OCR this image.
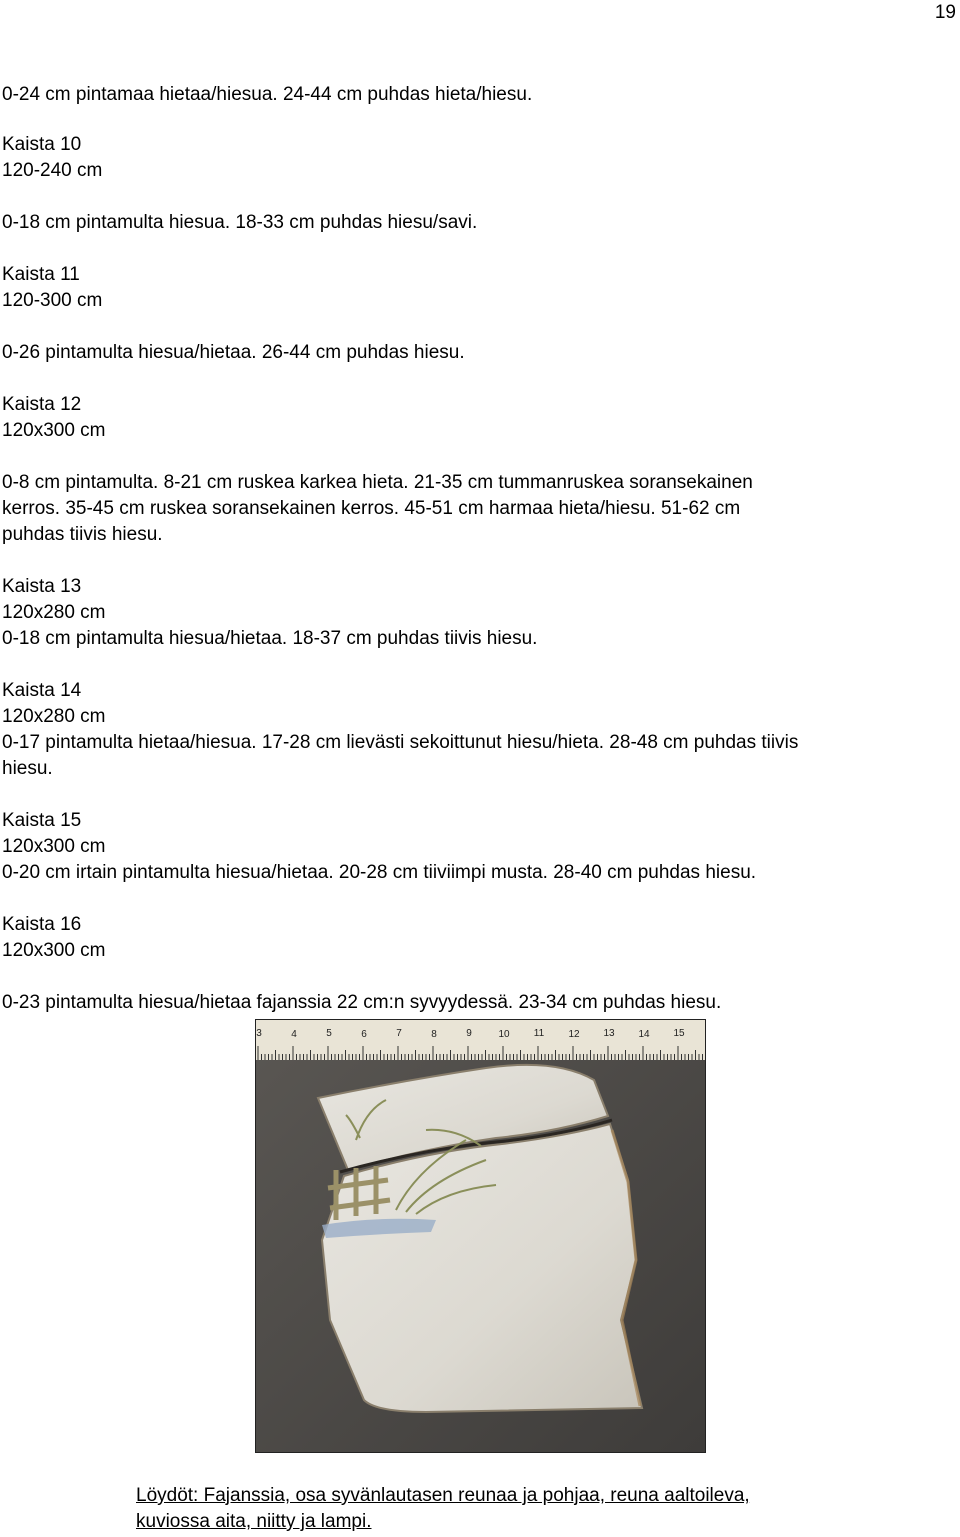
19
0-24 cm pintamaa hietaa/hiesua. 24-44 cm puhdas hieta/hiesu.
Kaista 10
120-240 cm
0-18 cm pintamulta hiesua. 18-33 cm puhdas hiesu/savi.
Kaista 11
120-300 cm
0-26 pintamulta hiesua/hietaa. 26-44 cm puhdas hiesu.
Kaista 12
120x300 cm
0-8 cm pintamulta. 8-21 cm ruskea karkea hieta. 21-35 cm tummanruskea soransekainen
kerros. 35-45 cm ruskea soransekainen kerros. 45-51 cm harmaa hieta/hiesu. 51-62 cm
puhdas tiivis hiesu.
Kaista 13
120x280 cm
0-18 cm pintamulta hiesua/hietaa. 18-37 cm puhdas tiivis hiesu.
Kaista 14
120x280 cm
0-17 pintamulta hietaa/hiesua. 17-28 cm lievästi sekoittunut hiesu/hieta. 28-48 cm puhdas tiivis
hiesu.
Kaista 15
120x300 cm
0-20 cm irtain pintamulta hiesua/hietaa. 20-28 cm tiiviimpi musta. 28-40 cm puhdas hiesu.
Kaista 16
120x300 cm
0-23 pintamulta hiesua/hietaa fajanssia 22 cm:n syvyydessä. 23-34 cm puhdas hiesu.
3	4	5	6	7	8	9	10 11 12 13 14 15
Löydöt: Fajanssia, osa syvänlautasen reunaa ja pohjaa, reuna aaltoileva,
kuviossa aita, niitty ja lampi.
